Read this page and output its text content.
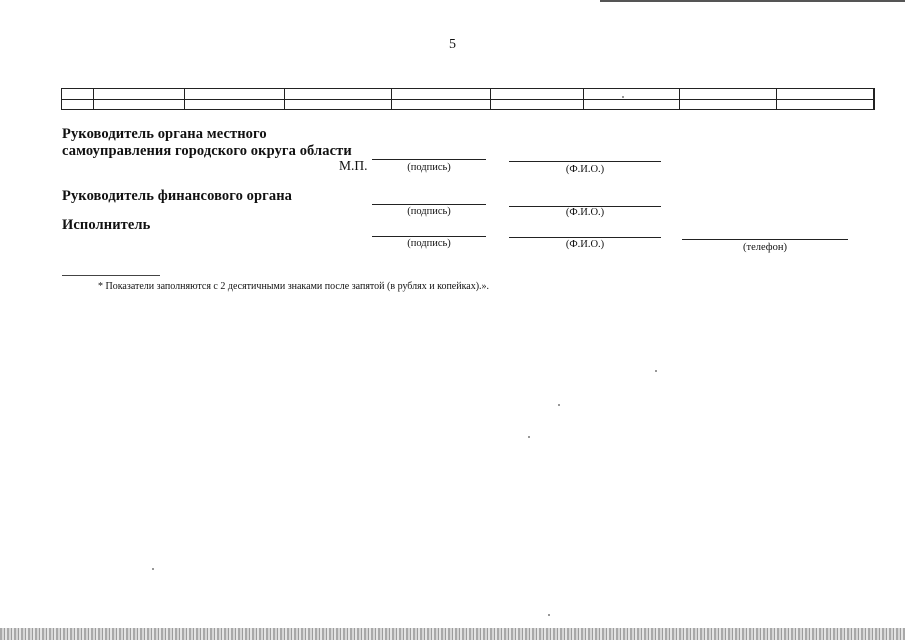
5

Руководитель органа местного
самоуправления городского округа области
М.П.	(подпись)	(Ф.И.О.)
Руководитель финансового органа
(подпись)	(Ф.И.О.)
Исполнитель
(подпись)	(Ф.И.О.)	(телефон)
* Показатели заполняются с 2 десятичными знаками после запятой (в рублях и копейках).».
